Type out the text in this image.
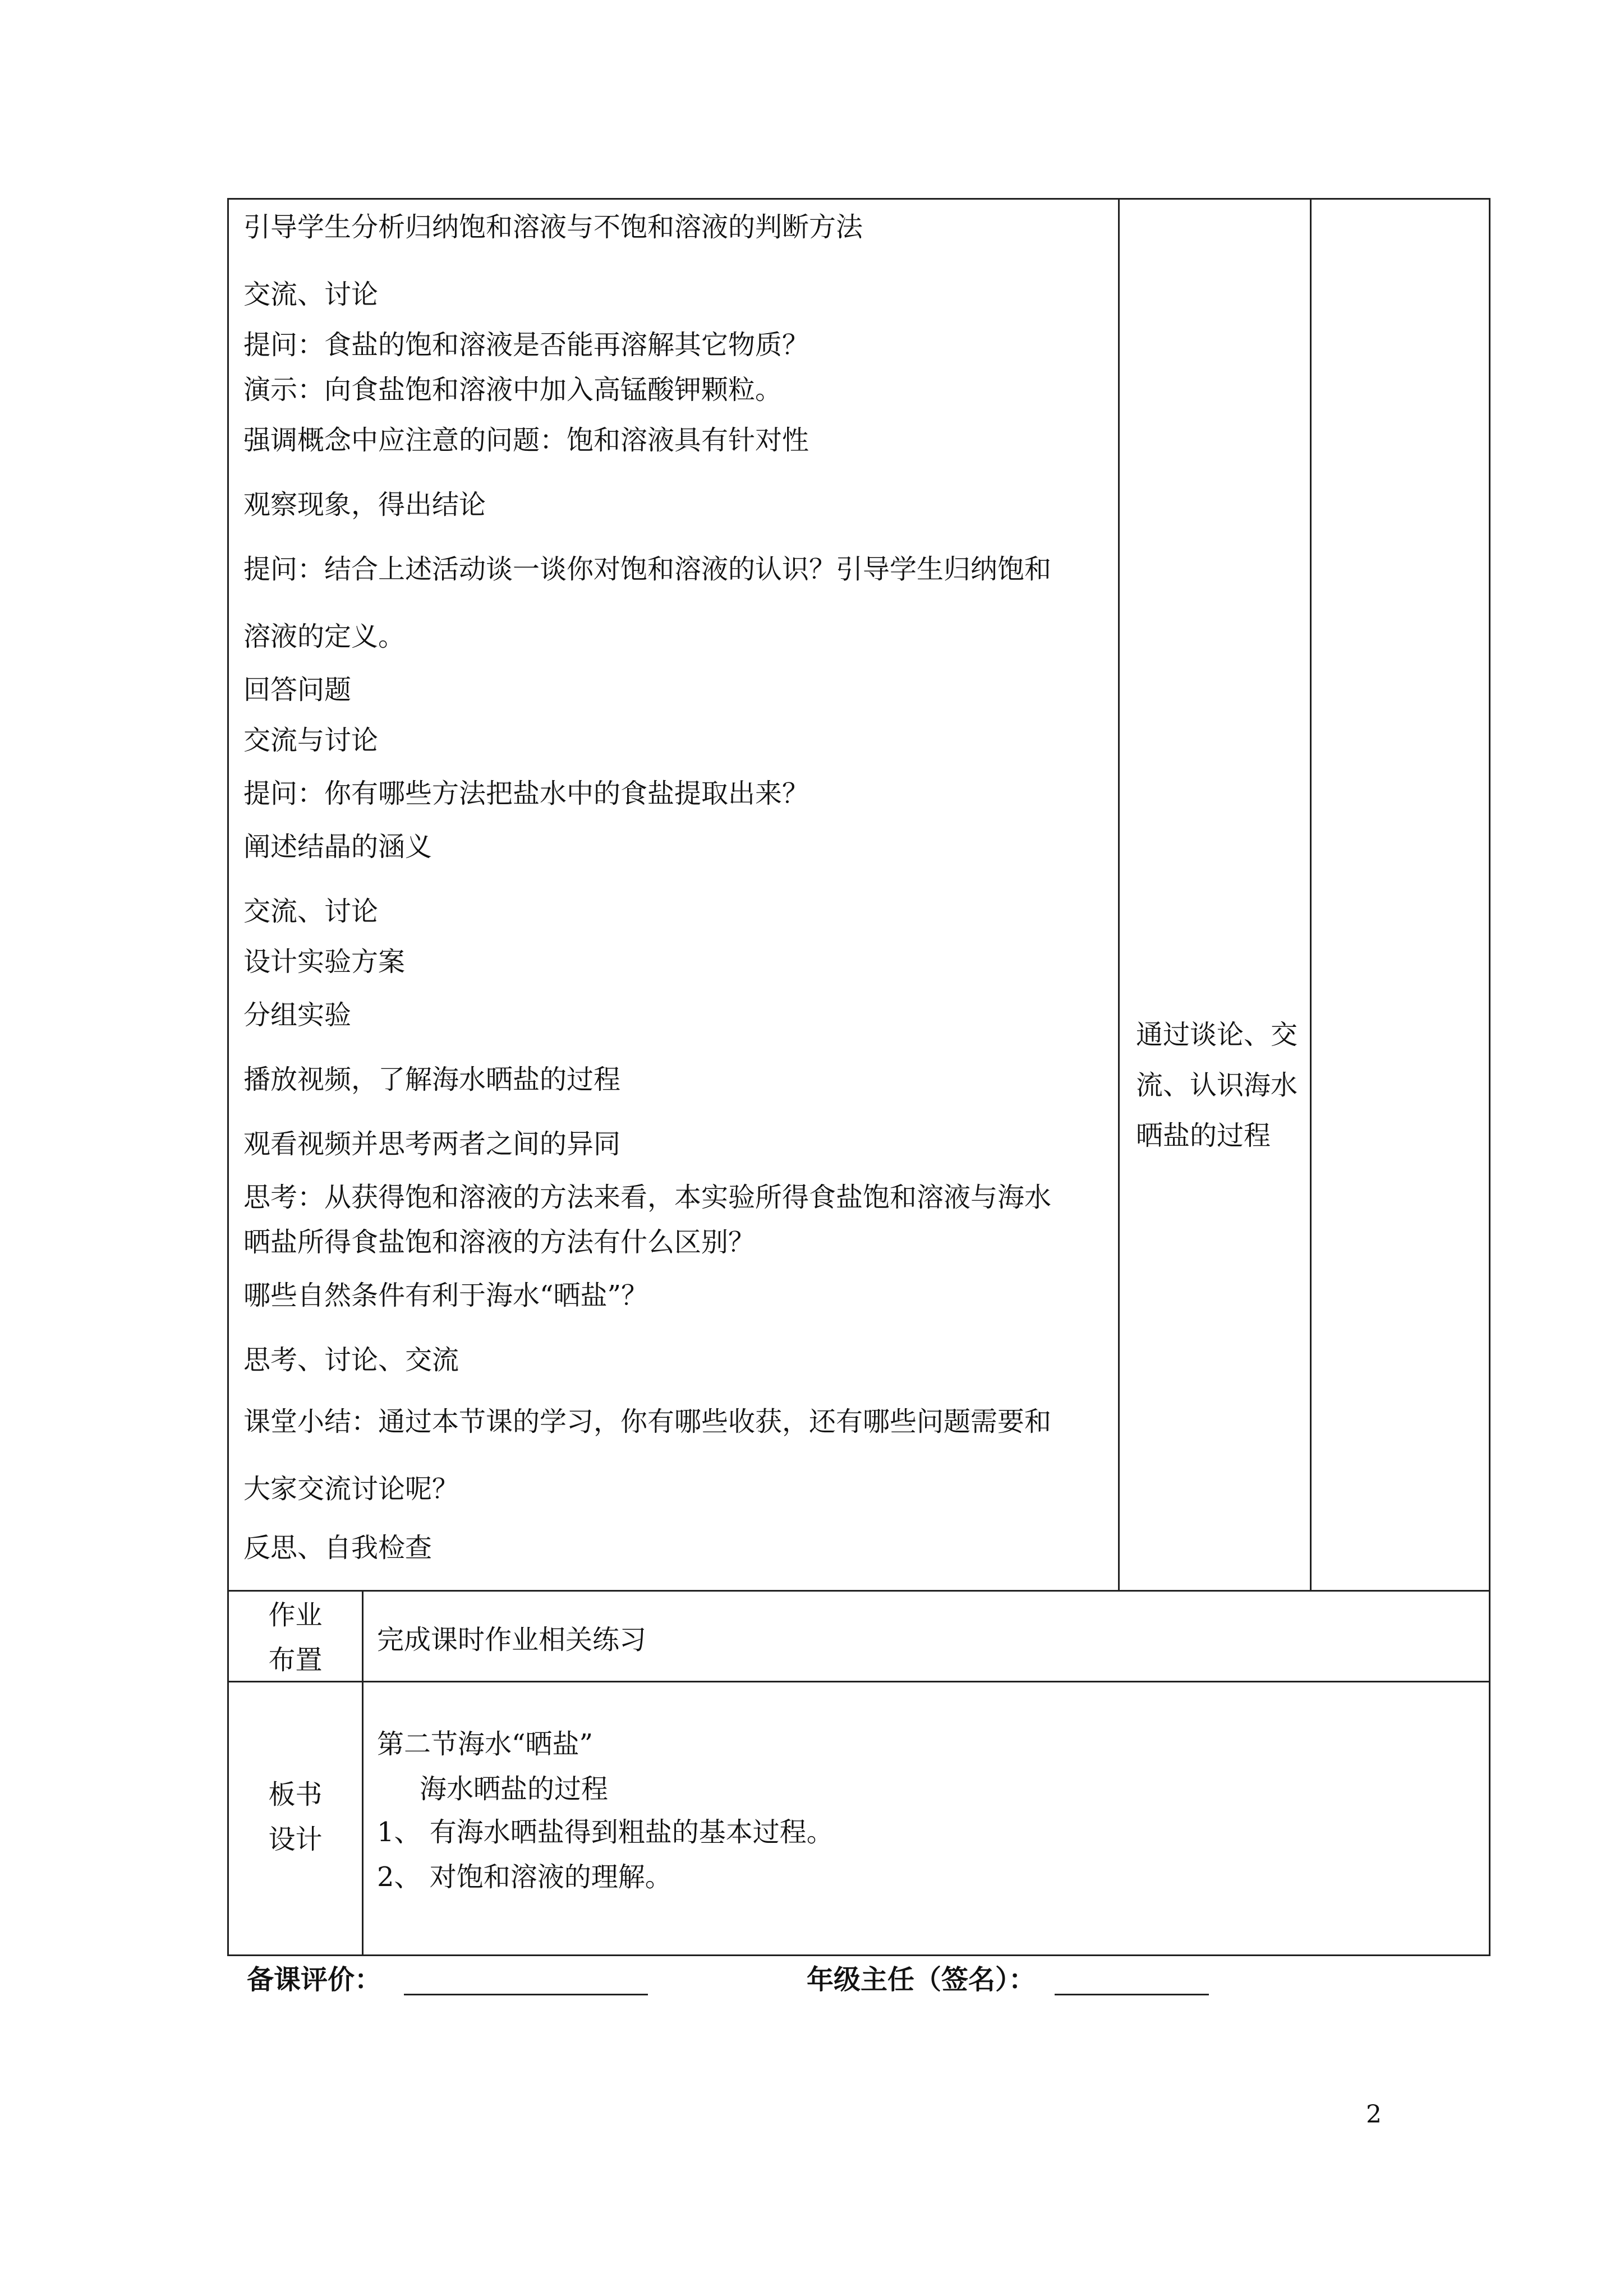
引导学生分析归纳饱和溶液与不饱和溶液的判断方法
交流、讨论
提问：食盐的饱和溶液是否能再溶解其它物质？
演示：向食盐饱和溶液中加入高锰酸钾颗粒。
强调概念中应注意的问题：饱和溶液具有针对性
观察现象，得出结论
提问：结合上述活动谈一谈你对饱和溶液的认识？引导学生归纳饱和
溶液的定义。
回答问题
交流与讨论
提问：你有哪些方法把盐水中的食盐提取出来？
阐述结晶的涵义
交流、讨论
设计实验方案
分组实验
播放视频，了解海水晒盐的过程
观看视频并思考两者之间的异同
思考：从获得饱和溶液的方法来看，本实验所得食盐饱和溶液与海水
晒盐所得食盐饱和溶液的方法有什么区别？
哪些自然条件有利于海水“晒盐”？
思考、讨论、交流
课堂小结：通过本节课的学习，你有哪些收获，还有哪些问题需要和
大家交流讨论呢？
反思、自我检查
通过谈论、交
流、认识海水
晒盐的过程
作业
布置
完成课时作业相关练习
板书
设计
第二节海水“晒盐”
海水晒盐的过程
1、 有海水晒盐得到粗盐的基本过程。
2、 对饱和溶液的理解。
备课评价：	年级主任（签名）：
2
